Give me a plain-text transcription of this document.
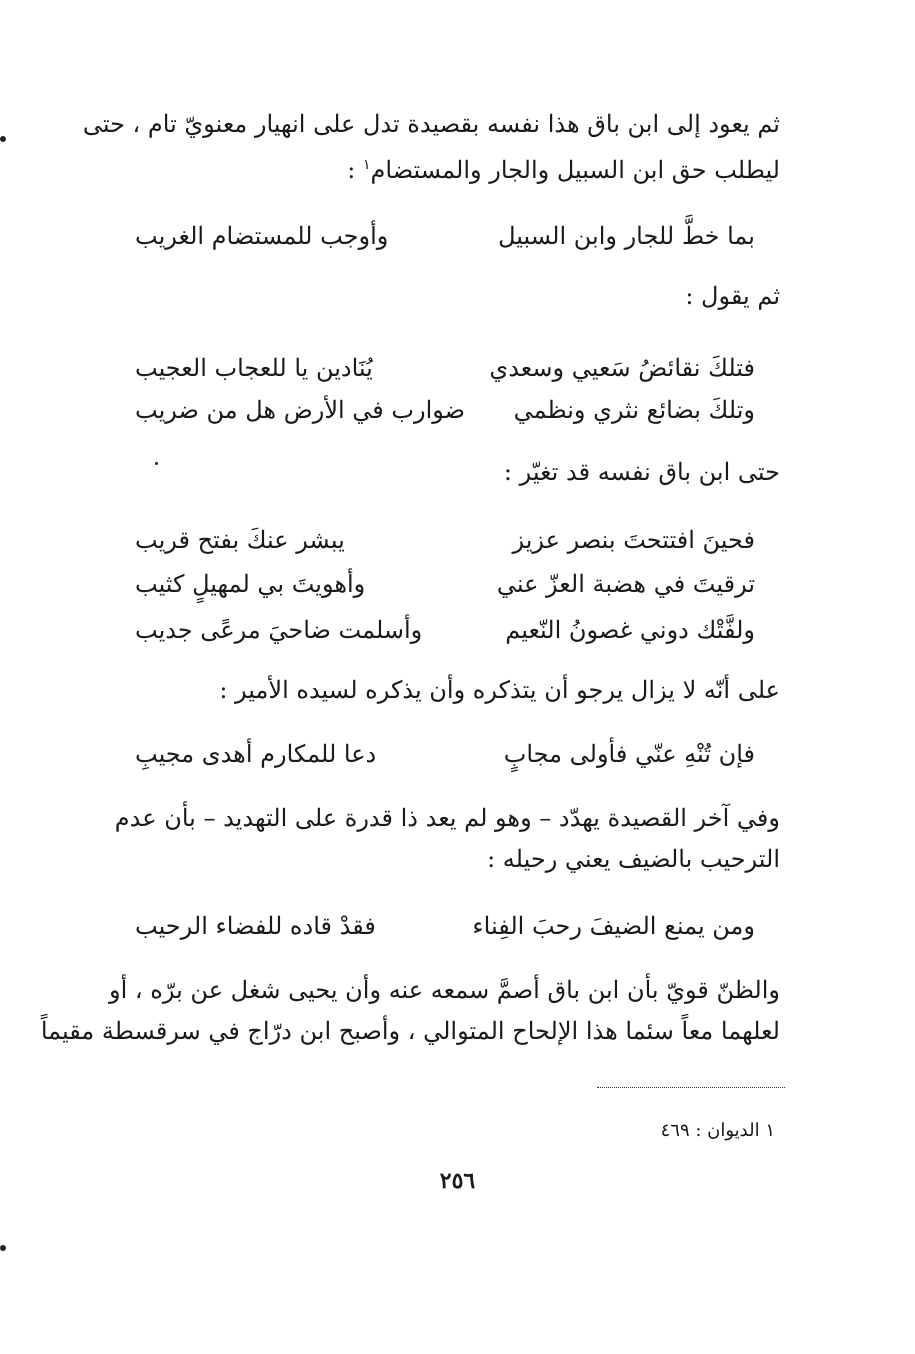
ثم يعود إلى ابن باق هذا نفسه بقصيدة تدل على انهيار معنويّ تام ، حتى
ليطلب حق ابن السبيل والجار والمستضام$^١$ :
بما خطَّ للجار وابن السبيل
وأوجب للمستضام الغريب
ثم يقول :
فتلكَ نقائضُ سَعيي وسعدي
يُنَادين يا للعجاب العجيب
وتلكَ بضائع نثري ونظمي
ضوارب في الأرض هل من ضريب
حتى ابن باق نفسه قد تغيّر :
فحينَ افتتحتَ بنصر عزيز
يبشر عنكَ بفتح قريب
ترقيتَ في هضبة العزّ عني
وأهويتَ بي لمهيلٍ كثيب
ولفَّتْك دوني غصونُ النّعيم
وأسلمت ضاحيَ مرعًى جديب
على أنّه لا يزال يرجو أن يتذكره وأن يذكره لسيده الأمير :
فإن تُنْهِ عنّي فأولى مجابٍ
دعا للمكارم أهدى مجيبِ
وفي آخر القصيدة يهدّد – وهو لم يعد ذا قدرة على التهديد – بأن عدم
الترحيب بالضيف يعني رحيله :
ومن يمنع الضيفَ رحبَ الفِناء
فقدْ قاده للفضاء الرحيب
والظنّ قويّ بأن ابن باق أصمَّ سمعه عنه وأن يحيى شغل عن برّه ، أو
لعلهما معاً سئما هذا الإلحاح المتوالي ، وأصبح ابن درّاج في سرقسطة مقيماً
١ الديوان : ٤٦٩
٢٥٦
